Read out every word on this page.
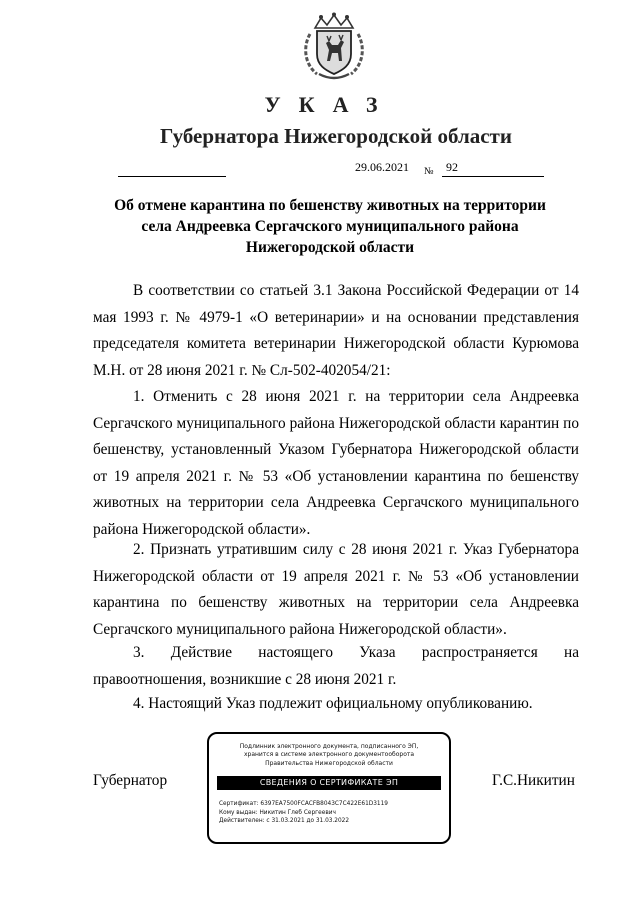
УКАЗ
Губернатора Нижегородской области
29.06.2021 № 92
Об отмене карантина по бешенству животных на территории
села Андреевка Сергачского муниципального района
Нижегородской области

В соответствии со статьей 3.1 Закона Российской Федерации от 14 мая 1993 г. № 4979-1 «О ветеринарии» и на основании представления председателя комитета ветеринарии Нижегородской области Курюмова М.Н. от 28 июня 2021 г. № Сл-502-402054/21:

1. Отменить с 28 июня 2021 г. на территории села Андреевка Сергачского муниципального района Нижегородской области карантин по бешенству, установленный Указом Губернатора Нижегородской области от 19 апреля 2021 г. № 53 «Об установлении карантина по бешенству животных на территории села Андреевка Сергачского муниципального района Нижегородской области».

2. Признать утратившим силу с 28 июня 2021 г. Указ Губернатора Нижегородской области от 19 апреля 2021 г. № 53 «Об установлении карантина по бешенству животных на территории села Андреевка Сергачского муниципального района Нижегородской области».

3. Действие настоящего Указа распространяется на правоотношения, возникшие с 28 июня 2021 г.

4. Настоящий Указ подлежит официальному опубликованию.

Подлинник электронного документа, подписанного ЭП,
хранится в системе электронного документооборота
Правительства Нижегородской области
СВЕДЕНИЯ О СЕРТИФИКАТЕ ЭП
Сертификат: 6397EA7500FCACFB8043C7C422E61D3119
Кому выдан: Никитин Глеб Сергеевич
Действителен: с 31.03.2021 до 31.03.2022
Губернатор	Г.С.Никитин
